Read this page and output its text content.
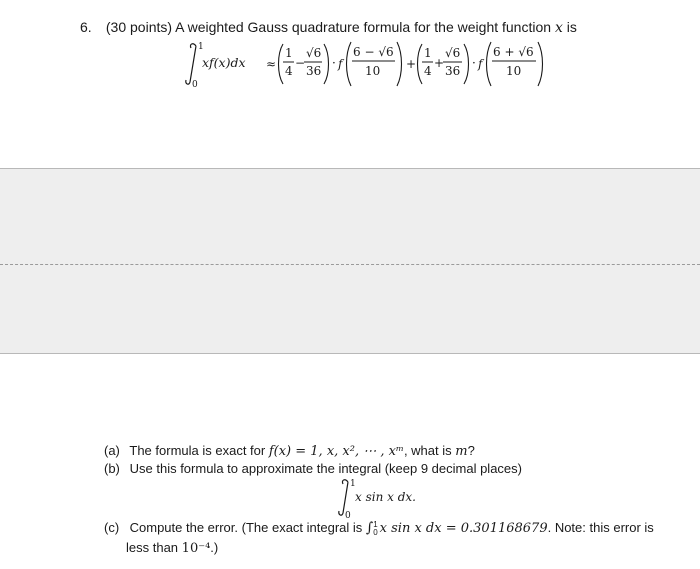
6. (30 points) A weighted Gauss quadrature formula for the weight function x is
1
0
xf(x)dx ≈
1
4
−
√6
36
· f
6 − √6
10 +
1
4
+
√6
36
· f
6 + √6
10
(a) The formula is exact for f(x) = 1, x, x², ⋯ , xᵐ, what is m?
(b) Use this formula to approximate the integral (keep 9 decimal places)
1
0
x sin x dx.
(c) Compute the error. (The exact integral is ∫ 1
0 x sin x dx = 0.301168679. Note: this error is
less than 10⁻⁴.)
